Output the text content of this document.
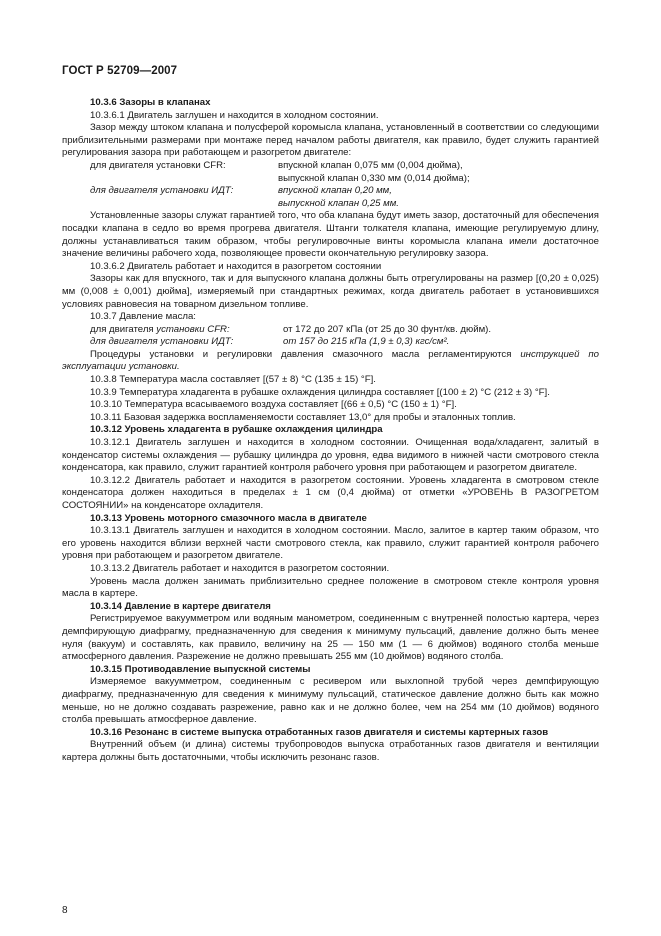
ГОСТ Р 52709—2007

10.3.6 Зазоры в клапанах

10.3.6.1 Двигатель заглушен и находится в холодном состоянии.

Зазор между штоком клапана и полусферой коромысла клапана, установленный в соответствии со следующими приблизительными размерами при монтаже перед началом работы двигателя, как правило, будет служить гарантией регулирования зазора при работающем и разогретом двигателе:

для двигателя установки CFR:	впускной клапан 0,075 мм (0,004 дюйма),
выпускной клапан 0,330 мм (0,014 дюйма);
для двигателя установки ИДТ:	впускной клапан 0,20 мм,
выпускной клапан 0,25 мм.

Установленные зазоры служат гарантией того, что оба клапана будут иметь зазор, достаточный для обеспечения посадки клапана в седло во время прогрева двигателя. Штанги толкателя клапана, имеющие регулируемую длину, должны устанавливаться таким образом, чтобы регулировочные винты коромысла клапана имели достаточное значение величины рабочего хода, позволяющее провести окончательную регулировку зазора.

10.3.6.2 Двигатель работает и находится в разогретом состоянии

Зазоры как для впускного, так и для выпускного клапана должны быть отрегулированы на размер [(0,20 ± 0,025) мм (0,008 ± 0,001) дюйма], измеряемый при стандартных режимах, когда двигатель работает в установившихся условиях равновесия на товарном дизельном топливе.

10.3.7 Давление масла:

для двигателя установки CFR:	от 172 до 207 кПа (от 25 до 30 фунт/кв. дюйм).
для двигателя установки ИДТ:	от 157 до 215 кПа (1,9 ± 0,3) кгс/см².

Процедуры установки и регулировки давления смазочного масла регламентируются инструкцией по эксплуатации установки.

10.3.8 Температура масла составляет [(57 ± 8) °С (135 ± 15) °F].

10.3.9 Температура хладагента в рубашке охлаждения цилиндра составляет [(100 ± 2) °С (212 ± 3) °F].

10.3.10 Температура всасываемого воздуха составляет [(66 ± 0,5) °С (150 ± 1) °F].

10.3.11 Базовая задержка воспламеняемости составляет 13,0° для пробы и эталонных топлив.

10.3.12 Уровень хладагента в рубашке охлаждения цилиндра

10.3.12.1 Двигатель заглушен и находится в холодном состоянии. Очищенная вода/хладагент, залитый в конденсатор системы охлаждения — рубашку цилиндра до уровня, едва видимого в нижней части смотрового стекла конденсатора, как правило, служит гарантией контроля рабочего уровня при работающем и разогретом двигателе.

10.3.12.2 Двигатель работает и находится в разогретом состоянии. Уровень хладагента в смотровом стекле конденсатора должен находиться в пределах ± 1 см (0,4 дюйма) от отметки «УРОВЕНЬ В РАЗОГРЕТОМ СОСТОЯНИИ» на конденсаторе охладителя.

10.3.13 Уровень моторного смазочного масла в двигателе

10.3.13.1 Двигатель заглушен и находится в холодном состоянии. Масло, залитое в картер таким образом, что его уровень находится вблизи верхней части смотрового стекла, как правило, служит гарантией контроля рабочего уровня при работающем и разогретом двигателе.

10.3.13.2 Двигатель работает и находится в разогретом состоянии.

Уровень масла должен занимать приблизительно среднее положение в смотровом стекле контроля уровня масла в картере.

10.3.14 Давление в картере двигателя

Регистрируемое вакуумметром или водяным манометром, соединенным с внутренней полостью картера, через демпфирующую диафрагму, предназначенную для сведения к минимуму пульсаций, давление должно быть менее нуля (вакуум) и составлять, как правило, величину на 25 — 150 мм (1 — 6 дюймов) водяного столба меньше атмосферного давления. Разрежение не должно превышать 255 мм (10 дюймов) водяного столба.

10.3.15 Противодавление выпускной системы

Измеряемое вакуумметром, соединенным с ресивером или выхлопной трубой через демпфирующую диафрагму, предназначенную для сведения к минимуму пульсаций, статическое давление должно быть как можно меньше, но не должно создавать разрежение, равно как и не должно более, чем на 254 мм (10 дюймов) водяного столба превышать атмосферное давление.

10.3.16 Резонанс в системе выпуска отработанных газов двигателя и системы картерных газов

Внутренний объем (и длина) системы трубопроводов выпуска отработанных газов двигателя и вентиляции картера должны быть достаточными, чтобы исключить резонанс газов.

8
